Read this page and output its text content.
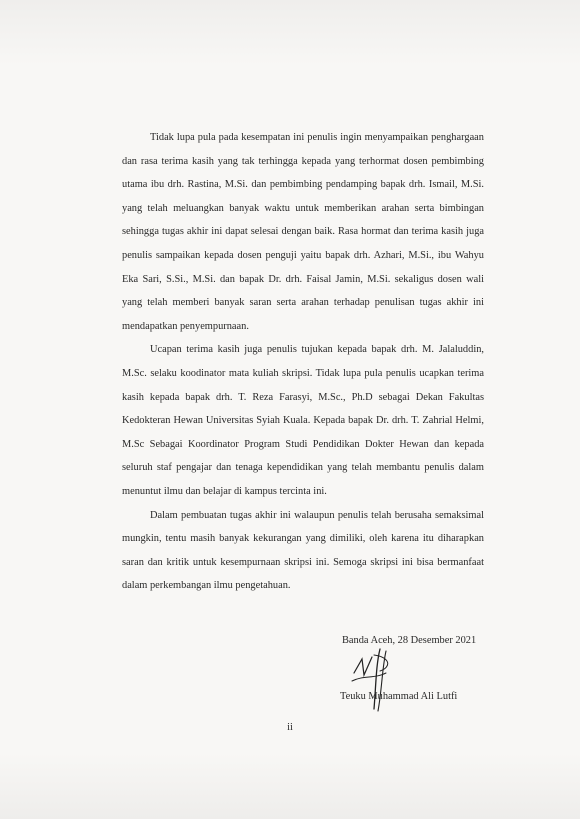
Tidak lupa pula pada kesempatan ini penulis ingin menyampaikan penghargaan dan rasa terima kasih yang tak terhingga kepada yang terhormat dosen pembimbing utama ibu drh. Rastina, M.Si. dan pembimbing pendamping bapak drh. Ismail, M.Si. yang telah meluangkan banyak waktu untuk memberikan arahan serta bimbingan sehingga tugas akhir ini dapat selesai dengan baik. Rasa hormat dan terima kasih juga penulis sampaikan kepada dosen penguji yaitu bapak drh. Azhari, M.Si., ibu Wahyu Eka Sari, S.Si., M.Si. dan bapak Dr. drh. Faisal Jamin, M.Si. sekaligus dosen wali yang telah memberi banyak saran serta arahan terhadap penulisan tugas akhir ini mendapatkan penyempurnaan.

Ucapan terima kasih juga penulis tujukan kepada bapak drh. M. Jalaluddin, M.Sc. selaku koodinator mata kuliah skripsi. Tidak lupa pula penulis ucapkan terima kasih kepada bapak drh. T. Reza Farasyi, M.Sc., Ph.D sebagai Dekan Fakultas Kedokteran Hewan Universitas Syiah Kuala. Kepada bapak Dr. drh. T. Zahrial Helmi, M.Sc Sebagai Koordinator Program Studi Pendidikan Dokter Hewan dan kepada seluruh staf pengajar dan tenaga kependidikan yang telah membantu penulis dalam menuntut ilmu dan belajar di kampus tercinta ini.

Dalam pembuatan tugas akhir ini walaupun penulis telah berusaha semaksimal mungkin, tentu masih banyak kekurangan yang dimiliki, oleh karena itu diharapkan saran dan kritik untuk kesempurnaan skripsi ini. Semoga skripsi ini bisa bermanfaat dalam perkembangan ilmu pengetahuan.

Banda Aceh, 28 Desember 2021
Teuku Muhammad Ali Lutfi
ii
